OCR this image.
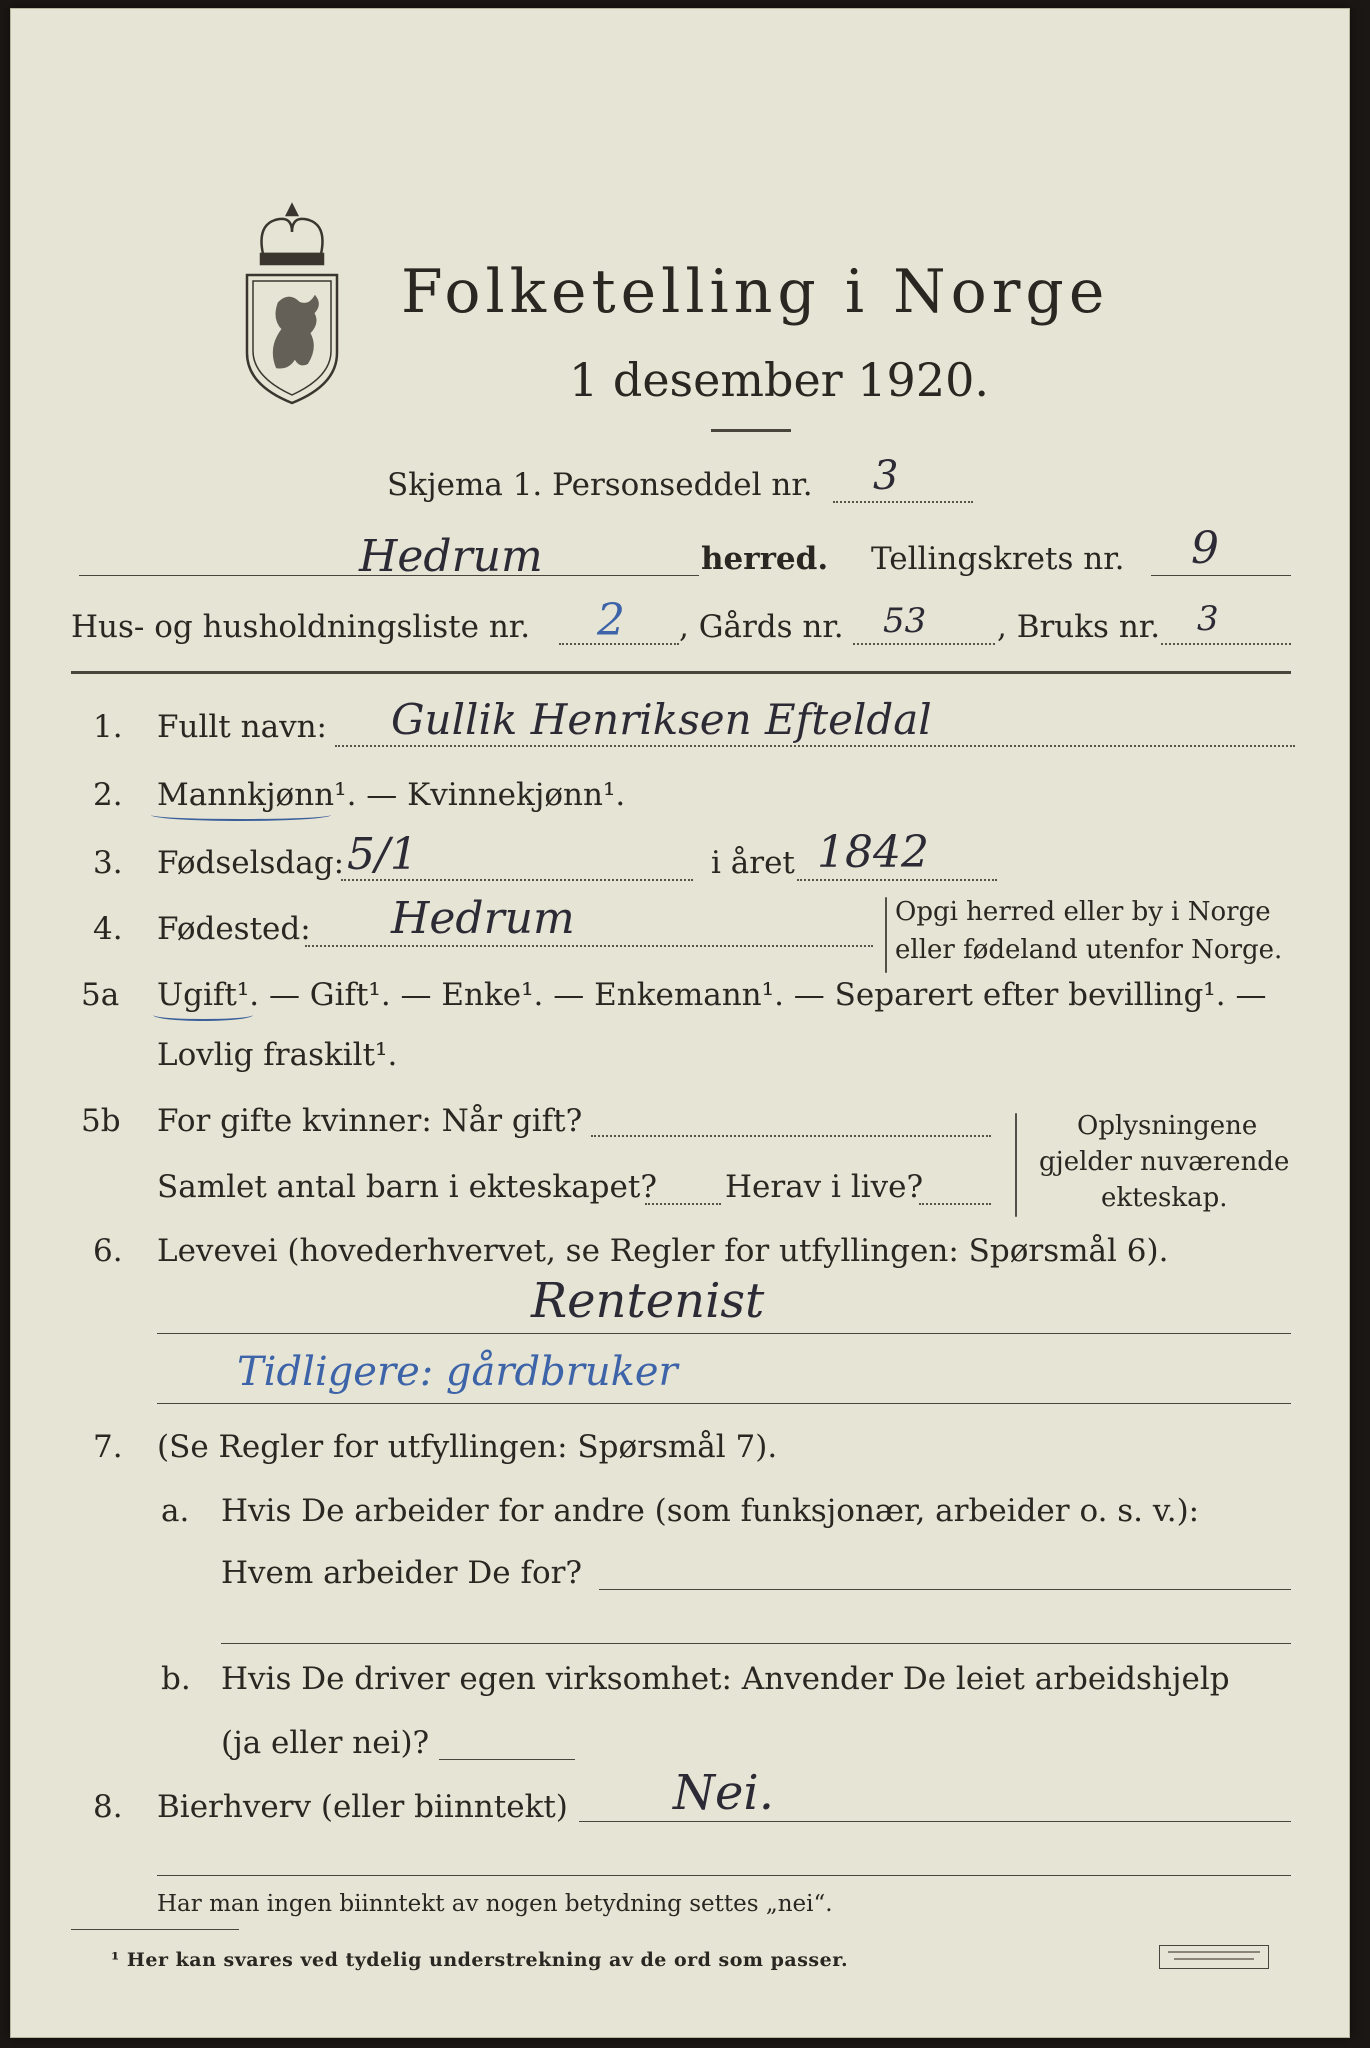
Folketelling i Norge
1 desember 1920.
Skjema 1. Personseddel nr. 3
Hedrum	herred. Tellingskrets nr. 9
Hus- og husholdningsliste nr. 2 , Gårds nr. 53 , Bruks nr. 3
1. Fullt navn: Gullik Henriksen Efteldal
2. Mannkjønn¹. — Kvinnekjønn¹.
3. Fødselsdag: 5/1	i året 1842
4. Fødested: Hedrum	Opgi herred eller by i Norge
eller fødeland utenfor Norge.
5a Ugift¹. — Gift¹. — Enke¹. — Enkemann¹. — Separert efter bevilling¹. —
Lovlig fraskilt¹.
5b For gifte kvinner: Når gift?
Samlet antal barn i ekteskapet? Herav i live?
Oplysningene
gjelder nuværende
ekteskap.
6. Levevei (hovederhvervet, se Regler for utfyllingen: Spørsmål 6).
Rentenist
Tidligere: gårdbruker
7. (Se Regler for utfyllingen: Spørsmål 7).
a. Hvis De arbeider for andre (som funksjonær, arbeider o. s. v.):
Hvem arbeider De for?
b. Hvis De driver egen virksomhet: Anvender De leiet arbeidshjelp
(ja eller nei)?
8. Bierhverv (eller biinntekt) Nei.
Har man ingen biinntekt av nogen betydning settes „nei“.
¹ Her kan svares ved tydelig understrekning av de ord som passer.
